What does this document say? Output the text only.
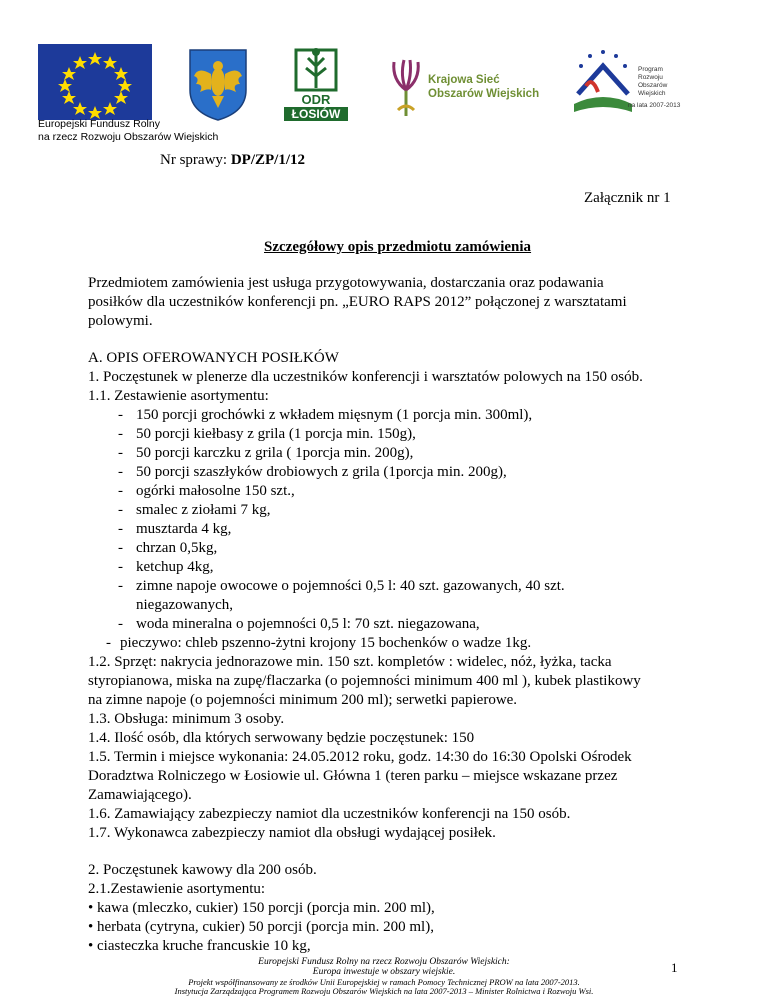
ODR
ŁOSIÓW
Krajowa Sieć
Obszarów Wiejskich
Program
Rozwoju
Obszarów
Wiejskich
na lata 2007-2013
Europejski Fundusz Rolny
na rzecz Rozwoju Obszarów Wiejskich
Nr sprawy: DP/ZP/1/12
Załącznik nr 1
Szczegółowy opis przedmiotu zamówienia
Przedmiotem zamówienia jest usługa przygotowywania, dostarczania oraz podawania
posiłków dla uczestników konferencji pn. „EURO RAPS 2012” połączonej z warsztatami
polowymi.
A. OPIS OFEROWANYCH POSIŁKÓW
1. Poczęstunek w plenerze dla uczestników konferencji i warsztatów polowych na 150 osób.
1.1. Zestawienie asortymentu:
- 150 porcji grochówki z wkładem mięsnym (1 porcja min. 300ml),
- 50 porcji kiełbasy z grila (1 porcja min. 150g),
- 50 porcji karczku z grila ( 1porcja min. 200g),
- 50 porcji szaszłyków drobiowych z grila (1porcja min. 200g),
- ogórki małosolne 150 szt.,
- smalec z ziołami 7 kg,
- musztarda 4 kg,
- chrzan 0,5kg,
- ketchup 4kg,
- zimne napoje owocowe o pojemności 0,5 l: 40 szt. gazowanych, 40 szt.
niegazowanych,
- woda mineralna o pojemności 0,5 l: 70 szt. niegazowana,
- pieczywo: chleb pszenno-żytni krojony 15 bochenków o wadze 1kg.
1.2. Sprzęt: nakrycia jednorazowe min. 150 szt. kompletów : widelec, nóż, łyżka, tacka
styropianowa, miska na zupę/flaczarka (o pojemności minimum 400 ml ), kubek plastikowy
na zimne napoje (o pojemności minimum 200 ml); serwetki papierowe.
1.3. Obsługa: minimum 3 osoby.
1.4. Ilość osób, dla których serwowany będzie poczęstunek: 150
1.5. Termin i miejsce wykonania: 24.05.2012 roku, godz. 14:30 do 16:30 Opolski Ośrodek
Doradztwa Rolniczego w Łosiowie ul. Główna 1 (teren parku – miejsce wskazane przez
Zamawiającego).
1.6. Zamawiający zabezpieczy namiot dla uczestników konferencji na 150 osób.
1.7. Wykonawca zabezpieczy namiot dla obsługi wydającej posiłek.
2. Poczęstunek kawowy dla 200 osób.
2.1.Zestawienie asortymentu:
• kawa (mleczko, cukier) 150 porcji (porcja min. 200 ml),
• herbata (cytryna, cukier) 50 porcji (porcja min. 200 ml),
• ciasteczka kruche francuskie 10 kg,
Europejski Fundusz Rolny na rzecz Rozwoju Obszarów Wiejskich:
Europa inwestuje w obszary wiejskie.
Projekt współfinansowany ze środków Unii Europejskiej w ramach Pomocy Technicznej PROW na lata 2007-2013.
Instytucja Zarządzająca Programem Rozwoju Obszarów Wiejskich na lata 2007-2013 – Minister Rolnictwa i Rozwoju Wsi.
1
